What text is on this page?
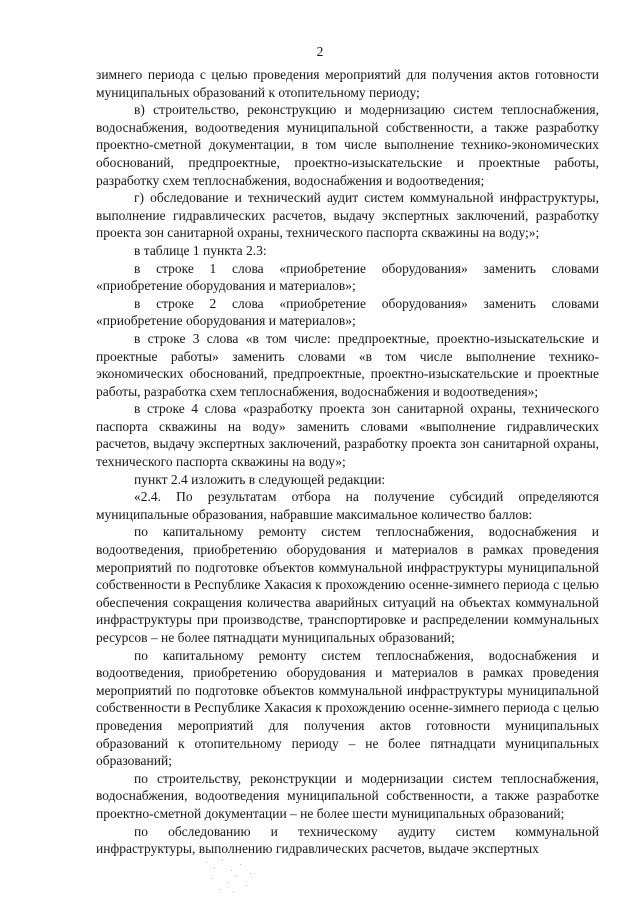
2

зимнего периода с целью проведения мероприятий для получения актов готовности муниципальных образований к отопительному периоду;

в) строительство, реконструкцию и модернизацию систем теплоснабжения, водоснабжения, водоотведения муниципальной собственности, а также разработку проектно-сметной документации, в том числе выполнение технико-экономических обоснований, предпроектные, проектно-изыскательские и проектные работы, разработку схем теплоснабжения, водоснабжения и водоотведения;

г) обследование и технический аудит систем коммунальной инфраструктуры, выполнение гидравлических расчетов, выдачу экспертных заключений, разработку проекта зон санитарной охраны, технического паспорта скважины на воду;»;

в таблице 1 пункта 2.3:

в строке 1 слова «приобретение оборудования» заменить словами «приобретение оборудования и материалов»;

в строке 2 слова «приобретение оборудования» заменить словами «приобретение оборудования и материалов»;

в строке 3 слова «в том числе: предпроектные, проектно-изыскательские и проектные работы» заменить словами «в том числе выполнение технико-экономических обоснований, предпроектные, проектно-изыскательские и проектные работы, разработка схем теплоснабжения, водоснабжения и водоотведения»;

в строке 4 слова «разработку проекта зон санитарной охраны, технического паспорта скважины на воду» заменить словами «выполнение гидравлических расчетов, выдачу экспертных заключений, разработку проекта зон санитарной охраны, технического паспорта скважины на воду»;

пункт 2.4 изложить в следующей редакции:

«2.4. По результатам отбора на получение субсидий определяются муниципальные образования, набравшие максимальное количество баллов:

по капитальному ремонту систем теплоснабжения, водоснабжения и водоотведения, приобретению оборудования и материалов в рамках проведения мероприятий по подготовке объектов коммунальной инфраструктуры муниципальной собственности в Республике Хакасия к прохождению осенне-зимнего периода с целью обеспечения сокращения количества аварийных ситуаций на объектах коммунальной инфраструктуры при производстве, транспортировке и распределении коммунальных ресурсов – не более пятнадцати муниципальных образований;

по капитальному ремонту систем теплоснабжения, водоснабжения и водоотведения, приобретению оборудования и материалов в рамках проведения мероприятий по подготовке объектов коммунальной инфраструктуры муниципальной собственности в Республике Хакасия к прохождению осенне-зимнего периода с целью проведения мероприятий для получения актов готовности муниципальных образований к отопительному периоду – не более пятнадцати муниципальных образований;

по строительству, реконструкции и модернизации систем теплоснабжения, водоснабжения, водоотведения муниципальной собственности, а также разработке проектно-сметной документации – не более шести муниципальных образований;

по обследованию и техническому аудиту систем коммунальной инфраструктуры, выполнению гидравлических расчетов, выдаче экспертных
